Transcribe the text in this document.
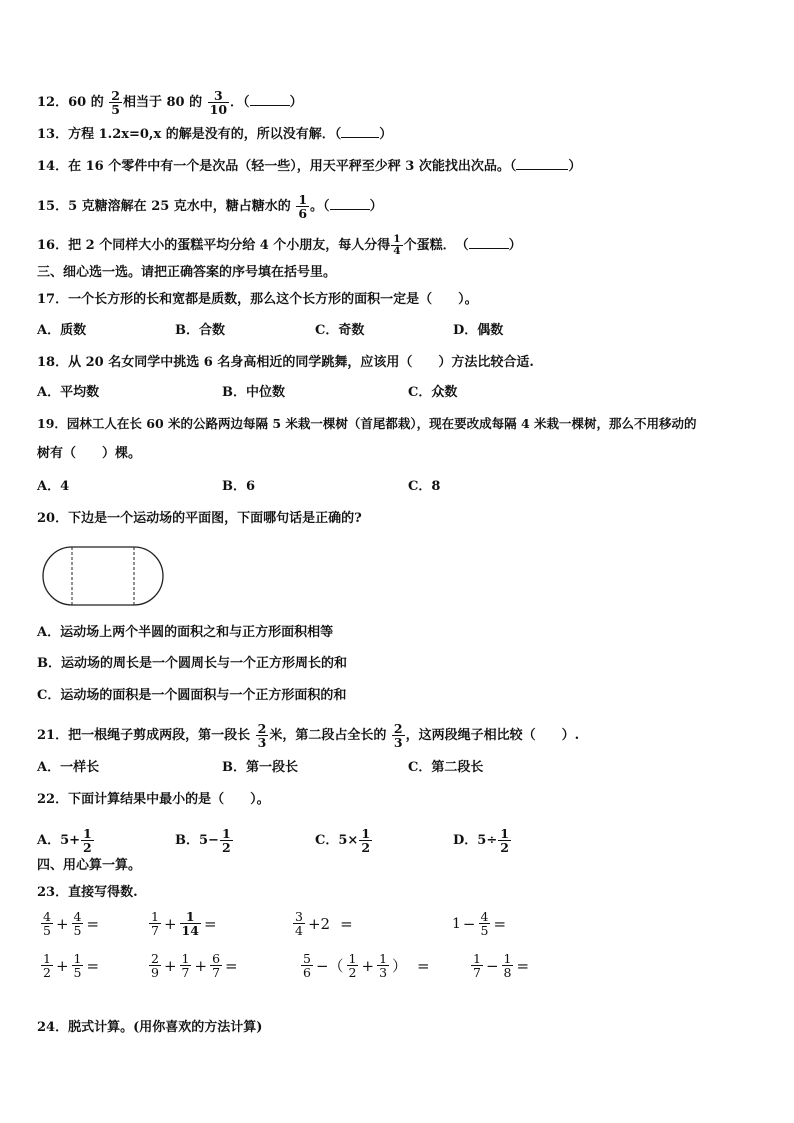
12．60 的 $\frac{2}{5}$ 相当于 80 的 $\frac{3}{10}$ ．（	）
13．方程 1.2x=0,x 的解是没有的，所以没有解．（	）
14．在 16 个零件中有一个是次品（轻一些），用天平秤至少秤 3 次能找出次品。（	）
15．5 克糖溶解在 25 克水中，糖占糖水的 $\frac{1}{6}$ 。（	）
16．把 2 个同样大小的蛋糕平均分给 4 个小朋友，每人分得 $\frac{1}{4}$ 个蛋糕．　（	）
三、细心选一选。请把正确答案的序号填在括号里。
17．一个长方形的长和宽都是质数，那么这个长方形的面积一定是（　　）。
A．质数	B．合数	C．奇数	D．偶数
18．从 20 名女同学中挑选 6 名身高相近的同学跳舞，应该用（　　）方法比较合适.
A．平均数	B．中位数	C．众数
19．园林工人在长 60 米的公路两边每隔 5 米栽一棵树（首尾都栽），现在要改成每隔 4 米栽一棵树，那么不用移动的
树有（　　）棵。
A．4	B．6	C．8
20．下边是一个运动场的平面图，下面哪句话是正确的?
A．运动场上两个半圆的面积之和与正方形面积相等
B．运动场的周长是一个圆周长与一个正方形周长的和
C．运动场的面积是一个圆面积与一个正方形面积的和
21．把一根绳子剪成两段，第一段长 $\frac{2}{3}$ 米，第二段占全长的 $\frac{2}{3}$ ，这两段绳子相比较（　　）.
A．一样长	B．第一段长	C．第二段长
22．下面计算结果中最小的是（　　）。
A．$5+ \frac{1}{2}$	B．$5- \frac{1}{2}$	C．$5\times \frac{1}{2}$	D．$5\div \frac{1}{2}$
四、用心算一算。
23．直接写得数.
$\frac{4}{5} + \frac{4}{5}$ =	$\frac{1}{7} + \frac{1}{14}$ =	$\frac{3}{4} +2$ =	$1 - \frac{4}{5}$ =
$\frac{1}{2} + \frac{1}{5}$ =	$\frac{2}{9} + \frac{1}{7} + \frac{6}{7}$ =	$\frac{5}{6}$ −（ $\frac{1}{2} + \frac{1}{3}$ ） =	$\frac{1}{7} - \frac{1}{8}$ =
24．脱式计算。(用你喜欢的方法计算)
